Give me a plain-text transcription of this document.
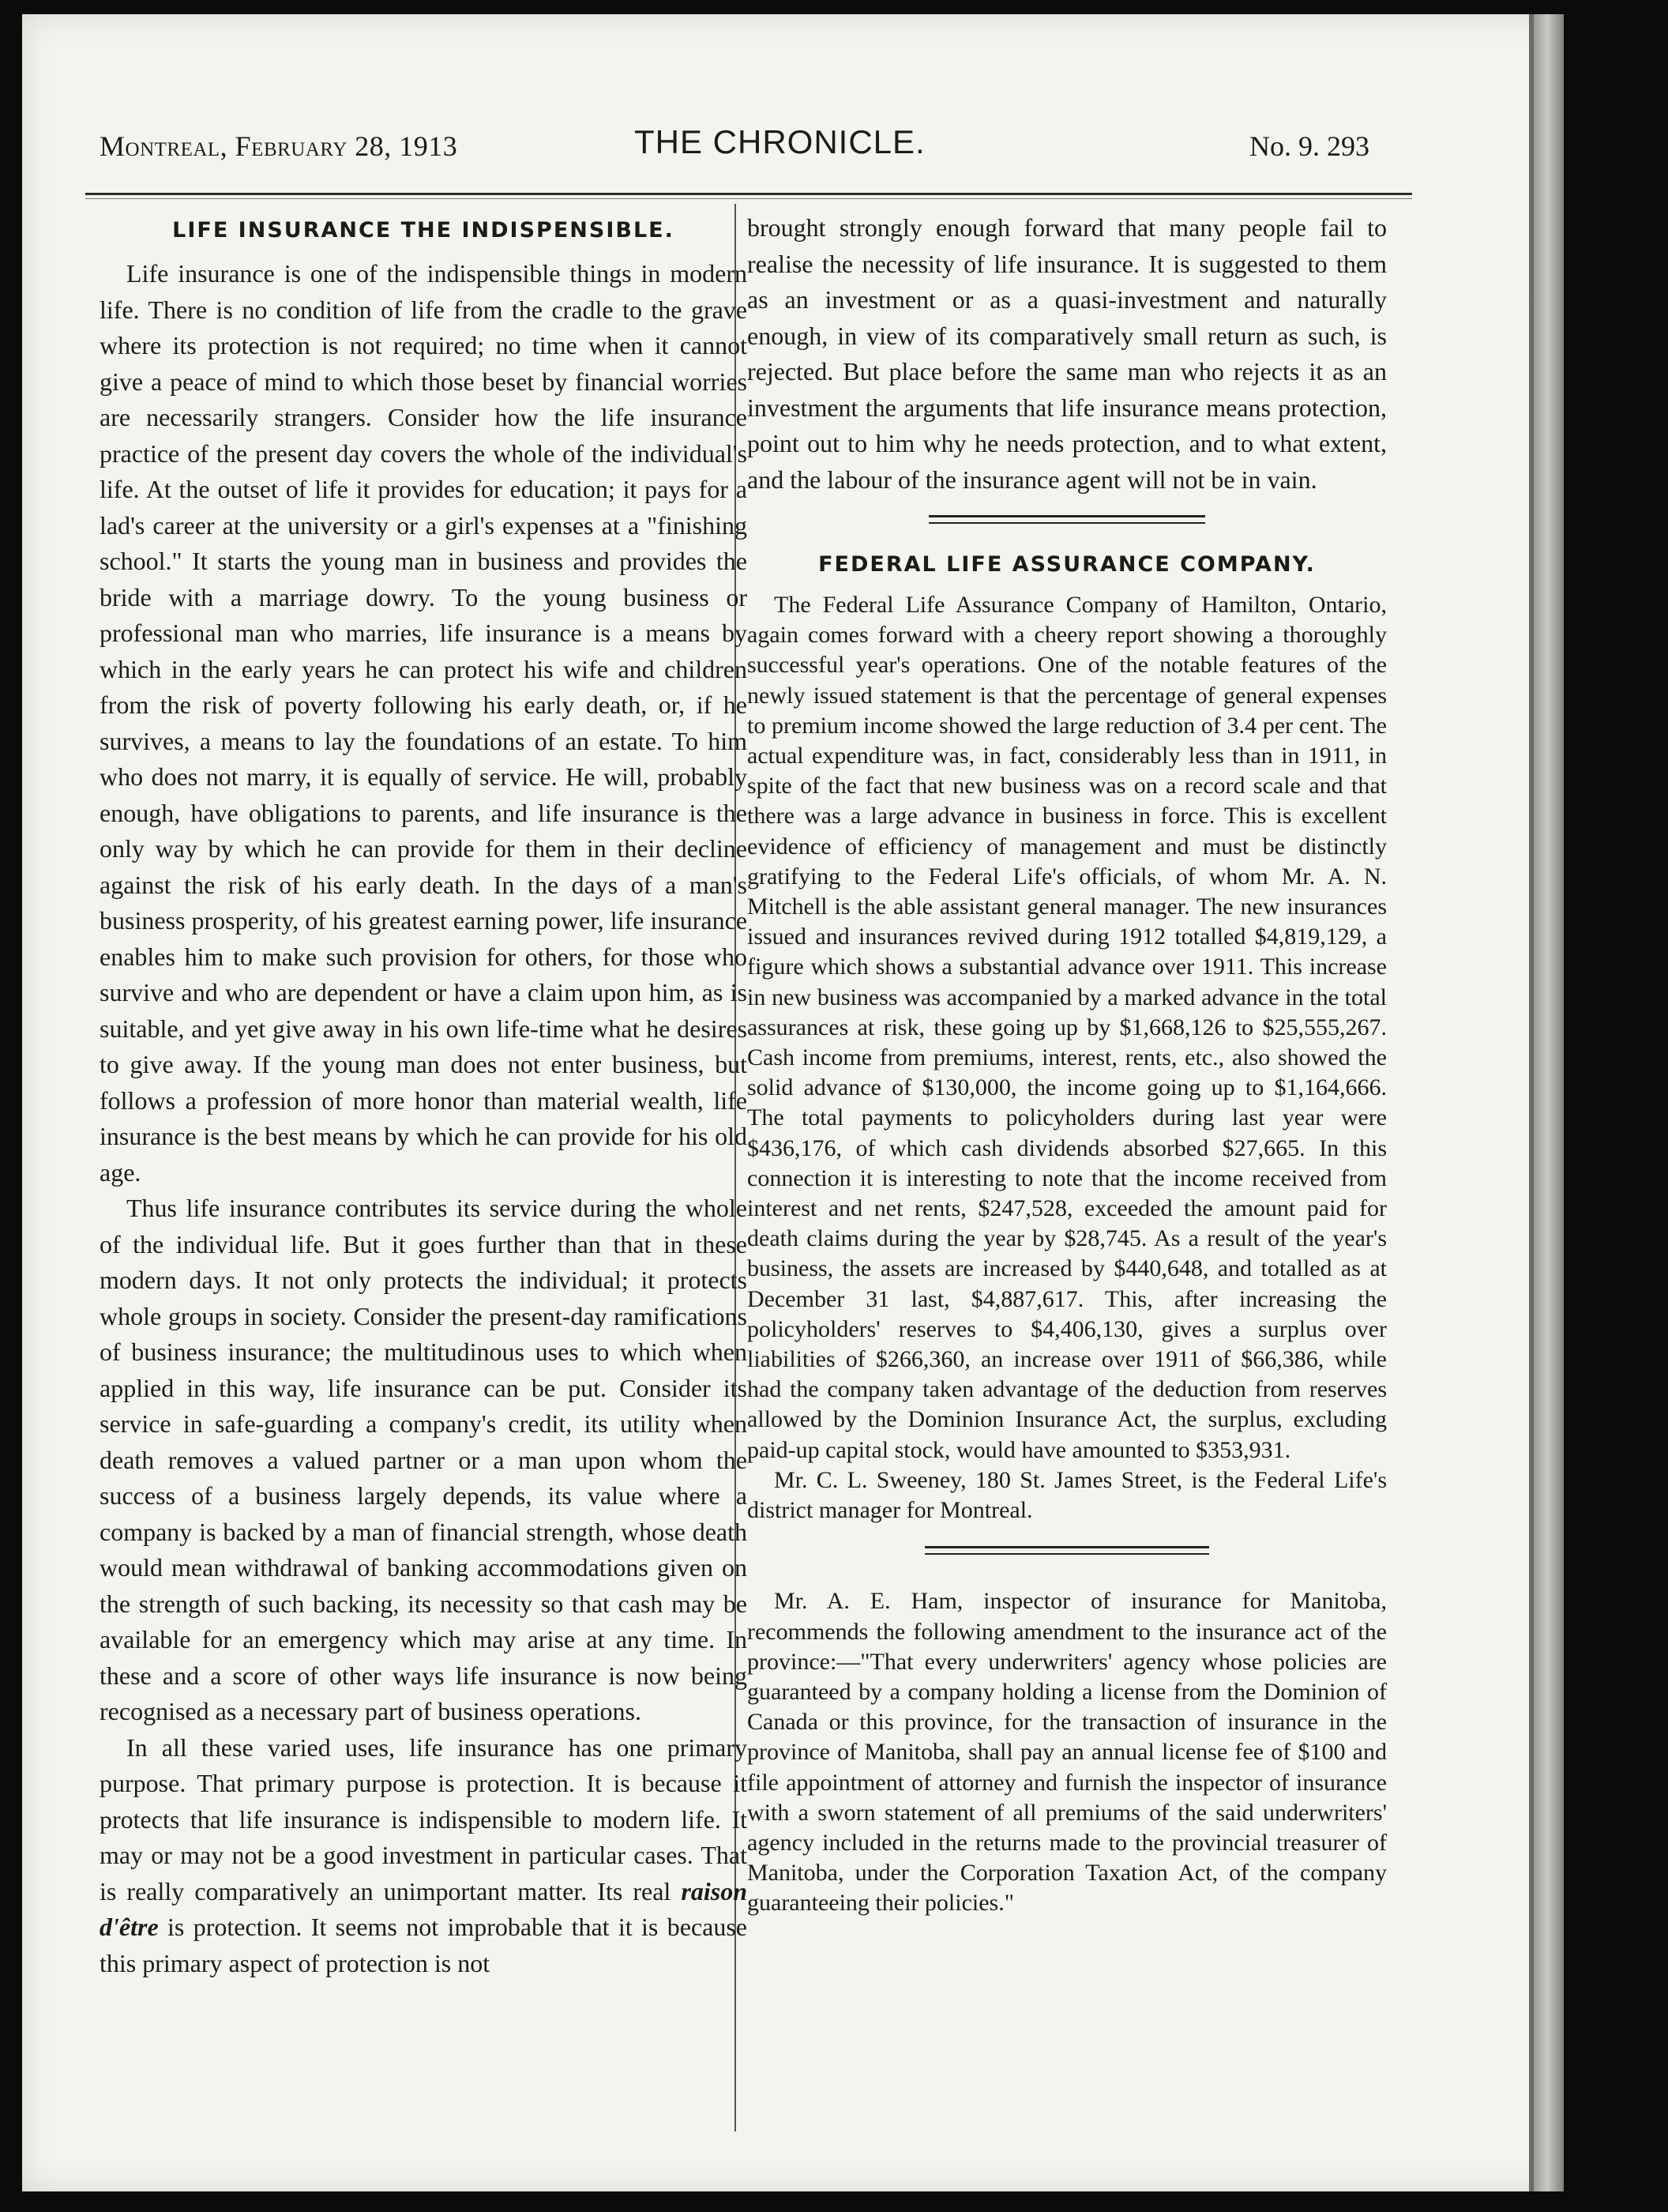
Montreal, February 28, 1913	THE CHRONICLE.	No. 9. 293
LIFE INSURANCE THE INDISPENSIBLE.

Life insurance is one of the indispensible things in modern life. There is no condition of life from the cradle to the grave where its protection is not required; no time when it cannot give a peace of mind to which those beset by financial worries are necessarily strangers. Consider how the life insurance practice of the present day covers the whole of the individual's life. At the outset of life it provides for education; it pays for a lad's career at the university or a girl's expenses at a "finishing school." It starts the young man in business and provides the bride with a marriage dowry. To the young business or professional man who marries, life insurance is a means by which in the early years he can protect his wife and children from the risk of poverty following his early death, or, if he survives, a means to lay the foundations of an estate. To him who does not marry, it is equally of service. He will, probably enough, have obligations to parents, and life insurance is the only way by which he can provide for them in their decline against the risk of his early death. In the days of a man's business prosperity, of his greatest earning power, life insurance enables him to make such provision for others, for those who survive and who are dependent or have a claim upon him, as is suitable, and yet give away in his own life-time what he desires to give away. If the young man does not enter business, but follows a profession of more honor than material wealth, life insurance is the best means by which he can provide for his old age.

Thus life insurance contributes its service during the whole of the individual life. But it goes further than that in these modern days. It not only protects the individual; it protects whole groups in society. Consider the present-day ramifications of business insurance; the multitudinous uses to which when applied in this way, life insurance can be put. Consider its service in safe-guarding a company's credit, its utility when death removes a valued partner or a man upon whom the success of a business largely depends, its value where a company is backed by a man of financial strength, whose death would mean withdrawal of banking accommodations given on the strength of such backing, its necessity so that cash may be available for an emergency which may arise at any time. In these and a score of other ways life insurance is now being recognised as a necessary part of business operations.

In all these varied uses, life insurance has one primary purpose. That primary purpose is protection. It is because it protects that life insurance is indispensible to modern life. It may or may not be a good investment in particular cases. That is really comparatively an unimportant matter. Its real raison d'être is protection. It seems not improbable that it is because this primary aspect of protection is not

brought strongly enough forward that many people fail to realise the necessity of life insurance. It is suggested to them as an investment or as a quasi-investment and naturally enough, in view of its comparatively small return as such, is rejected. But place before the same man who rejects it as an investment the arguments that life insurance means protection, point out to him why he needs protection, and to what extent, and the labour of the insurance agent will not be in vain.

FEDERAL LIFE ASSURANCE COMPANY.

The Federal Life Assurance Company of Hamilton, Ontario, again comes forward with a cheery report showing a thoroughly successful year's operations. One of the notable features of the newly issued statement is that the percentage of general expenses to premium income showed the large reduction of 3.4 per cent. The actual expenditure was, in fact, considerably less than in 1911, in spite of the fact that new business was on a record scale and that there was a large advance in business in force. This is excellent evidence of efficiency of management and must be distinctly gratifying to the Federal Life's officials, of whom Mr. A. N. Mitchell is the able assistant general manager. The new insurances issued and insurances revived during 1912 totalled $4,819,129, a figure which shows a substantial advance over 1911. This increase in new business was accompanied by a marked advance in the total assurances at risk, these going up by $1,668,126 to $25,555,267. Cash income from premiums, interest, rents, etc., also showed the solid advance of $130,000, the income going up to $1,164,666. The total payments to policyholders during last year were $436,176, of which cash dividends absorbed $27,665. In this connection it is interesting to note that the income received from interest and net rents, $247,528, exceeded the amount paid for death claims during the year by $28,745. As a result of the year's business, the assets are increased by $440,648, and totalled as at December 31 last, $4,887,617. This, after increasing the policyholders' reserves to $4,406,130, gives a surplus over liabilities of $266,360, an increase over 1911 of $66,386, while had the company taken advantage of the deduction from reserves allowed by the Dominion Insurance Act, the surplus, excluding paid-up capital stock, would have amounted to $353,931.

Mr. C. L. Sweeney, 180 St. James Street, is the Federal Life's district manager for Montreal.

Mr. A. E. Ham, inspector of insurance for Manitoba, recommends the following amendment to the insurance act of the province:—"That every underwriters' agency whose policies are guaranteed by a company holding a license from the Dominion of Canada or this province, for the transaction of insurance in the province of Manitoba, shall pay an annual license fee of $100 and file appointment of attorney and furnish the inspector of insurance with a sworn statement of all premiums of the said underwriters' agency included in the returns made to the provincial treasurer of Manitoba, under the Corporation Taxation Act, of the company guaranteeing their policies."
